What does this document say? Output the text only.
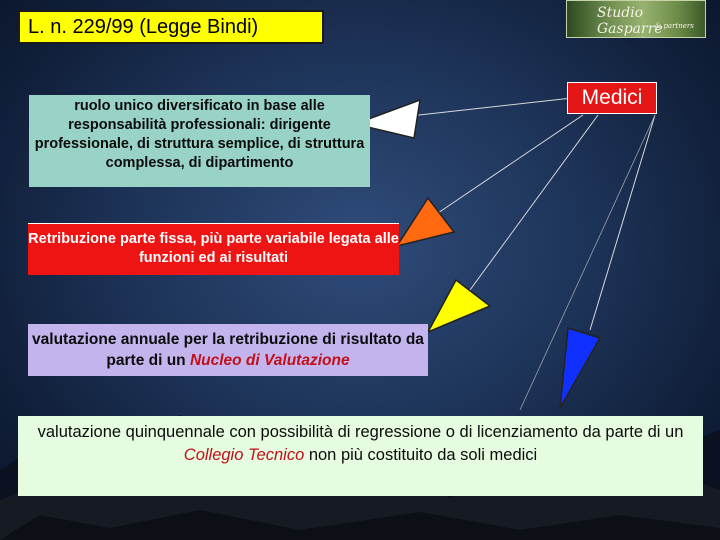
L. n. 229/99 (Legge Bindi)
Studio Gasparre
& partners
Medici
ruolo unico diversificato in base alle responsabilità professionali: dirigente professionale, di struttura semplice, di struttura complessa, di dipartimento
Retribuzione parte fissa, più parte variabile legata alle funzioni ed ai risultati
valutazione annuale per la retribuzione di risultato da parte di un Nucleo di Valutazione
valutazione quinquennale con possibilità di regressione o di licenziamento da parte di un Collegio Tecnico non più costituito da soli medici
